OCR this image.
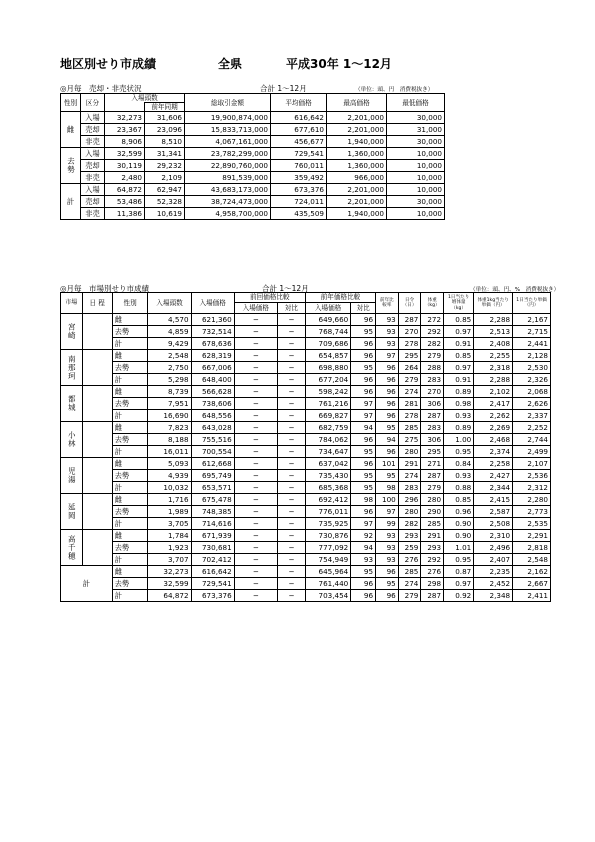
地区別せり市成績	全県	平成30年 1〜12月
◎月毎　売却・非売状況	合計 1〜12月	（単位：頭、円　消費税抜き）
性別	区分	入場頭数		総取引金額	平均価格	最高価格	最低価格
			前年同期				
雌	入場	32,273	31,606	19,900,874,000	616,642	2,201,000	30,000
	売却	23,367	23,096	15,833,713,000	677,610	2,201,000	31,000
	非売	8,906	8,510	4,067,161,000	456,677	1,940,000	30,000
去勢	入場	32,599	31,341	23,782,299,000	729,541	1,360,000	10,000
	売却	30,119	29,232	22,890,760,000	760,011	1,360,000	10,000
	非売	2,480	2,109	891,539,000	359,492	966,000	10,000
計	入場	64,872	62,947	43,683,173,000	673,376	2,201,000	10,000
	売却	53,486	52,328	38,724,473,000	724,011	2,201,000	30,000
	非売	11,386	10,619	4,958,700,000	435,509	1,940,000	10,000
◎月毎　市場別せり市成績	合計 1〜12月	（単位：頭、円、%　消費税抜き）
市場	日 程	性別	入場頭数	入場価格	前回価格比較		前年価格比較		前年比較率	日令（日）	体重（kg）	1日当たり増体量（kg）	体重1kg当たり単価（円）	1日当たり単価（円）
					入場価格	対比	入場価格	対比						
宮崎		雌	4,570	621,360	−	−	649,660	96	93	287	272	0.85	2,288	2,167
		去勢	4,859	732,514	−	−	768,744	95	93	270	292	0.97	2,513	2,715
		計	9,429	678,636	−	−	709,686	96	93	278	282	0.91	2,408	2,441
南那珂		雌	2,548	628,319	−	−	654,857	96	97	295	279	0.85	2,255	2,128
		去勢	2,750	667,006	−	−	698,880	95	96	264	288	0.97	2,318	2,530
		計	5,298	648,400	−	−	677,204	96	96	279	283	0.91	2,288	2,326
都城		雌	8,739	566,628	−	−	598,242	96	96	274	270	0.89	2,102	2,068
		去勢	7,951	738,606	−	−	761,216	97	96	281	306	0.98	2,417	2,626
		計	16,690	648,556	−	−	669,827	97	96	278	287	0.93	2,262	2,337
小林		雌	7,823	643,028	−	−	682,759	94	95	285	283	0.89	2,269	2,252
		去勢	8,188	755,516	−	−	784,062	96	94	275	306	1.00	2,468	2,744
		計	16,011	700,554	−	−	734,647	95	96	280	295	0.95	2,374	2,499
児湯		雌	5,093	612,668	−	−	637,042	96	101	291	271	0.84	2,258	2,107
		去勢	4,939	695,749	−	−	735,430	95	95	274	287	0.93	2,427	2,536
		計	10,032	653,571	−	−	685,368	95	98	283	279	0.88	2,344	2,312
延岡		雌	1,716	675,478	−	−	692,412	98	100	296	280	0.85	2,415	2,280
		去勢	1,989	748,385	−	−	776,011	96	97	280	290	0.96	2,587	2,773
		計	3,705	714,616	−	−	735,925	97	99	282	285	0.90	2,508	2,535
高千穂		雌	1,784	671,939	−	−	730,876	92	93	293	291	0.90	2,310	2,291
		去勢	1,923	730,681	−	−	777,092	94	93	259	293	1.01	2,496	2,818
		計	3,707	702,412	−	−	754,949	93	93	276	292	0.95	2,407	2,548
計		雌	32,273	616,642	−	−	645,964	95	96	285	276	0.87	2,235	2,162
		去勢	32,599	729,541	−	−	761,440	96	95	274	298	0.97	2,452	2,667
		計	64,872	673,376	−	−	703,454	96	96	279	287	0.92	2,348	2,411
